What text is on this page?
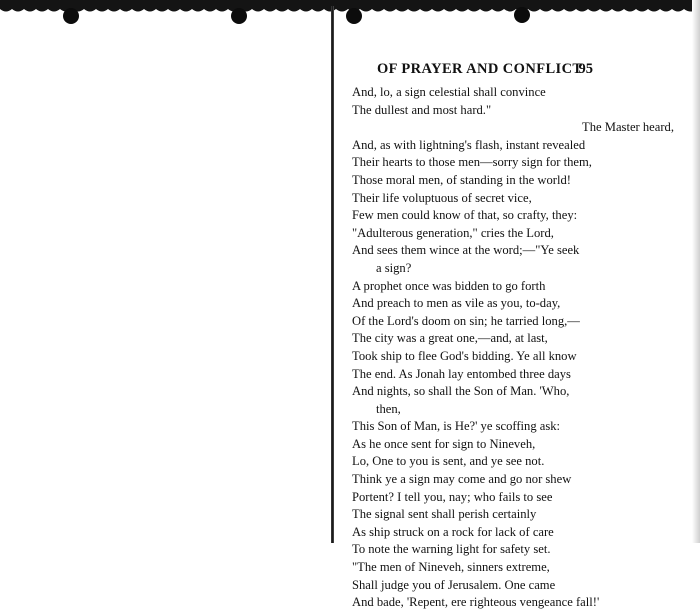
OF PRAYER AND CONFLICT
95
And, lo, a sign celestial shall convince
The dullest and most hard."
The Master heard,
And, as with lightning's flash, instant revealed
Their hearts to those men—sorry sign for them,
Those moral men, of standing in the world!
Their life voluptuous of secret vice,
Few men could know of that, so crafty, they:
"Adulterous generation," cries the Lord,
And sees them wince at the word;—"Ye seek
a sign?
A prophet once was bidden to go forth
And preach to men as vile as you, to-day,
Of the Lord's doom on sin; he tarried long,—
The city was a great one,—and, at last,
Took ship to flee God's bidding. Ye all know
The end. As Jonah lay entombed three days
And nights, so shall the Son of Man. 'Who,
then,
This Son of Man, is He?' ye scoffing ask:
As he once sent for sign to Nineveh,
Lo, One to you is sent, and ye see not.
Think ye a sign may come and go nor shew
Portent? I tell you, nay; who fails to see
The signal sent shall perish certainly
As ship struck on a rock for lack of care
To note the warning light for safety set.
"The men of Nineveh, sinners extreme,
Shall judge you of Jerusalem. One came
And bade, 'Repent, ere righteous vengeance fall!'
